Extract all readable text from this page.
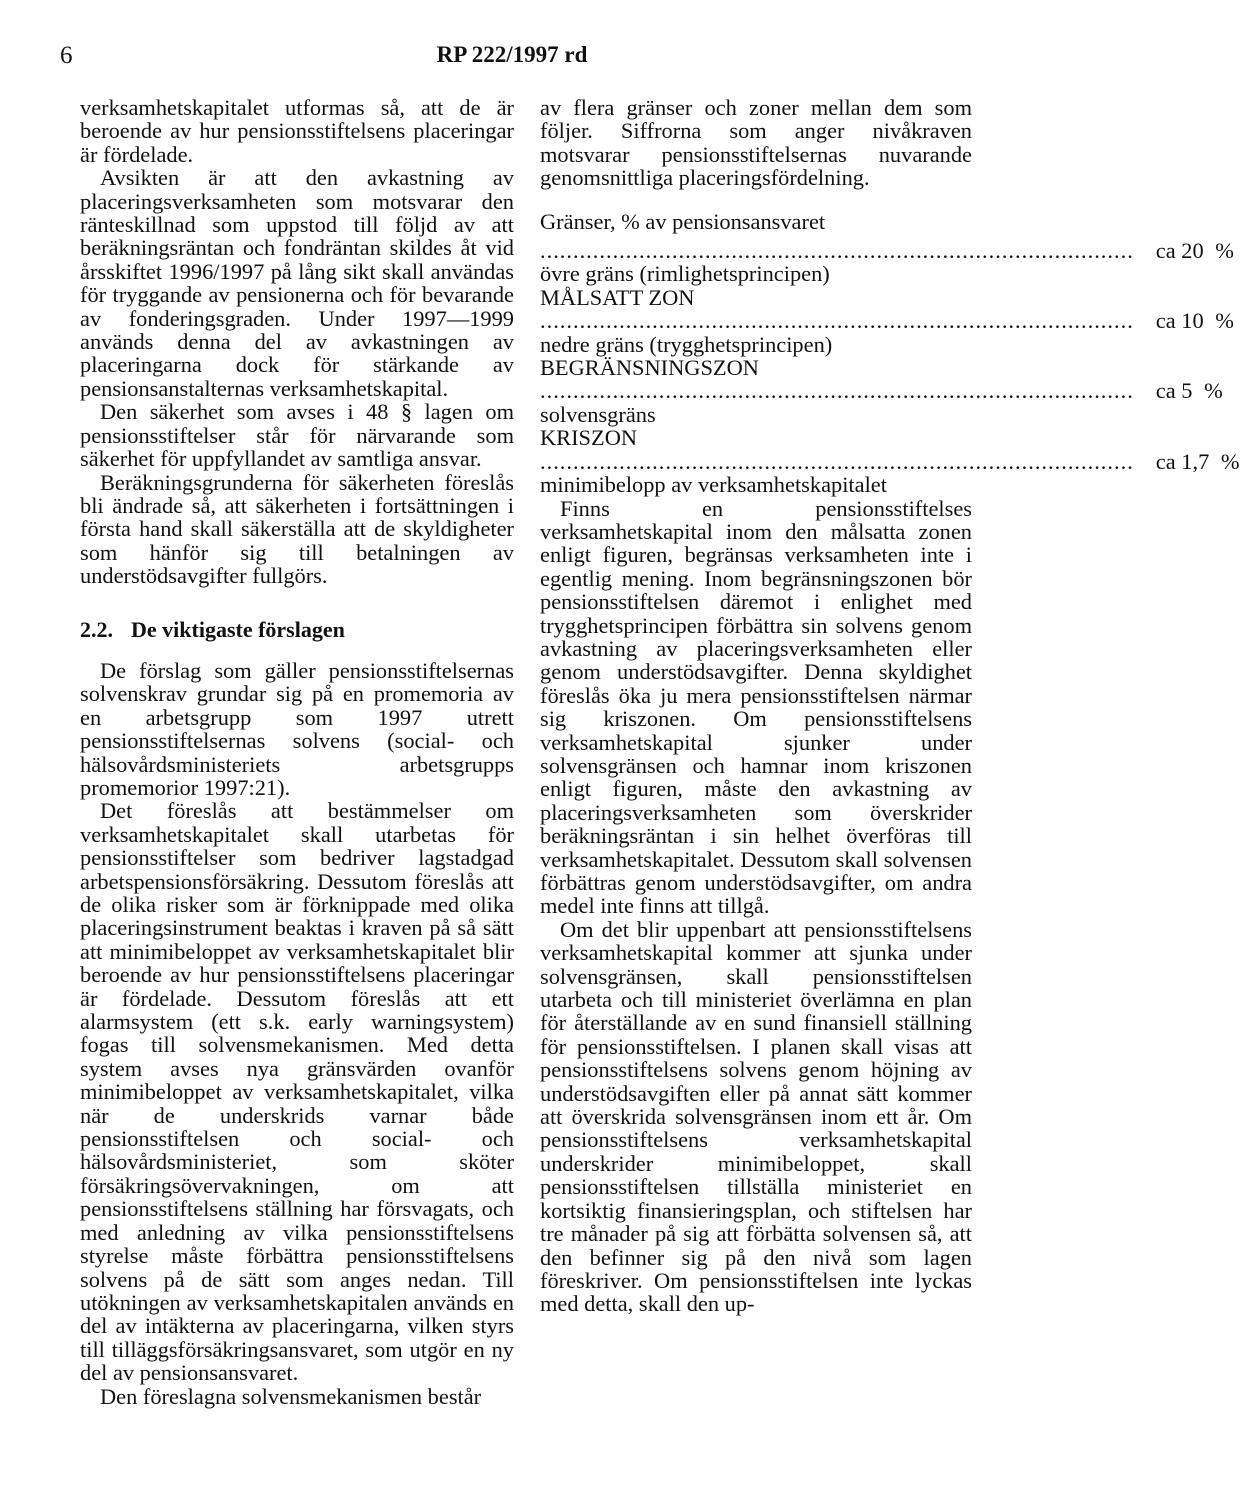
6	RP 222/1997 rd

verksamhetskapitalet utformas så, att de är beroende av hur pensionsstiftelsens placeringar är fördelade.

Avsikten är att den avkastning av placeringsverksamheten som motsvarar den ränteskillnad som uppstod till följd av att beräkningsräntan och fondräntan skildes åt vid årsskiftet 1996/1997 på lång sikt skall användas för tryggande av pensionerna och för bevarande av fonderingsgraden. Under 1997—1999 används denna del av avkastningen av placeringarna dock för stärkande av pensionsanstalternas verksamhetskapital.

Den säkerhet som avses i 48 § lagen om pensionsstiftelser står för närvarande som säkerhet för uppfyllandet av samtliga ansvar.

Beräkningsgrunderna för säkerheten föreslås bli ändrade så, att säkerheten i fortsättningen i första hand skall säkerställa att de skyldigheter som hänför sig till betalningen av understödsavgifter fullgörs.

2.2. De viktigaste förslagen

De förslag som gäller pensionsstiftelsernas solvenskrav grundar sig på en promemoria av en arbetsgrupp som 1997 utrett pensionsstiftelsernas solvens (social- och hälsovårdsministeriets arbetsgrupps promemorior 1997:21).

Det föreslås att bestämmelser om verksamhetskapitalet skall utarbetas för pensionsstiftelser som bedriver lagstadgad arbetspensionsförsäkring. Dessutom föreslås att de olika risker som är förknippade med olika placeringsinstrument beaktas i kraven på så sätt att minimibeloppet av verksamhetskapitalet blir beroende av hur pensionsstiftelsens placeringar är fördelade. Dessutom föreslås att ett alarmsystem (ett s.k. early warningsystem) fogas till solvensmekanismen. Med detta system avses nya gränsvärden ovanför minimibeloppet av verksamhetskapitalet, vilka när de underskrids varnar både pensionsstiftelsen och social- och hälsovårdsministeriet, som sköter försäkringsövervakningen, om att pensionsstiftelsens ställning har försvagats, och med anledning av vilka pensionsstiftelsens styrelse måste förbättra pensionsstiftelsens solvens på de sätt som anges nedan. Till utökningen av verksamhetskapitalen används en del av intäkterna av placeringarna, vilken styrs till tilläggsförsäkringsansvaret, som utgör en ny del av pensionsansvaret.

Den föreslagna solvensmekanismen består

av flera gränser och zoner mellan dem som följer. Siffrorna som anger nivåkraven motsvarar pensionsstiftelsernas nuvarande genomsnittliga placeringsfördelning.

Gränser, % av pensionsansvaret

.......................................................................................... ca 20 %

övre gräns (rimlighetsprincipen)

MÅLSATT ZON

.......................................................................................... ca 10 %

nedre gräns (trygghetsprincipen)

BEGRÄNSNINGSZON

.......................................................................................... ca 5 %

solvensgräns

KRISZON

.......................................................................................... ca 1,7 %

minimibelopp av verksamhetskapitalet

Finns en pensionsstiftelses verksamhetskapital inom den målsatta zonen enligt figuren, begränsas verksamheten inte i egentlig mening. Inom begränsningszonen bör pensionsstiftelsen däremot i enlighet med trygghetsprincipen förbättra sin solvens genom avkastning av placeringsverksamheten eller genom understödsavgifter. Denna skyldighet föreslås öka ju mera pensionsstiftelsen närmar sig kriszonen. Om pensionsstiftelsens verksamhetskapital sjunker under solvensgränsen och hamnar inom kriszonen enligt figuren, måste den avkastning av placeringsverksamheten som överskrider beräkningsräntan i sin helhet överföras till verksamhetskapitalet. Dessutom skall solvensen förbättras genom understödsavgifter, om andra medel inte finns att tillgå.

Om det blir uppenbart att pensionsstiftelsens verksamhetskapital kommer att sjunka under solvensgränsen, skall pensionsstiftelsen utarbeta och till ministeriet överlämna en plan för återställande av en sund finansiell ställning för pensionsstiftelsen. I planen skall visas att pensionsstiftelsens solvens genom höjning av understödsavgiften eller på annat sätt kommer att överskrida solvensgränsen inom ett år. Om pensionsstiftelsens verksamhetskapital underskrider minimibeloppet, skall pensionsstiftelsen tillställa ministeriet en kortsiktig finansieringsplan, och stiftelsen har tre månader på sig att förbätta solvensen så, att den befinner sig på den nivå som lagen föreskriver. Om pensionsstiftelsen inte lyckas med detta, skall den up-
